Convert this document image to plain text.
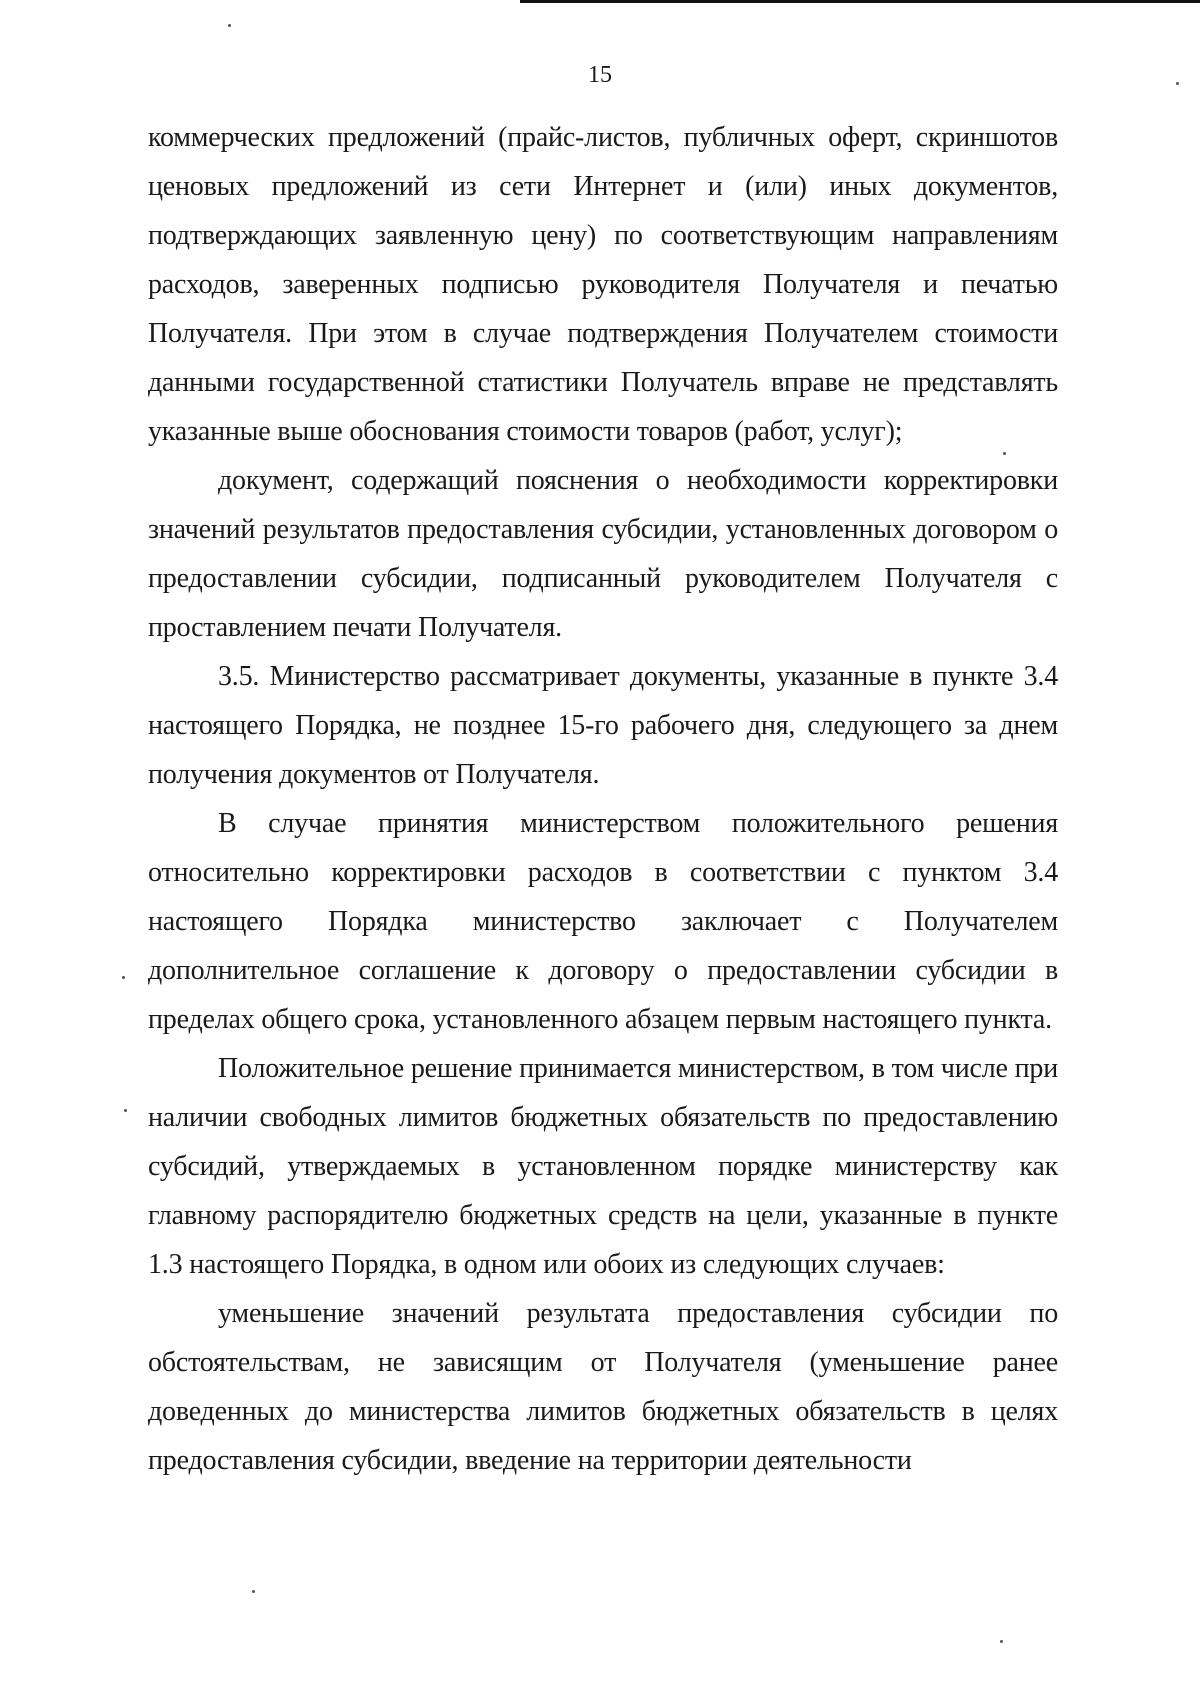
15

коммерческих предложений (прайс-листов, публичных оферт, скриншотов ценовых предложений из сети Интернет и (или) иных документов, подтверждающих заявленную цену) по соответствующим направлениям расходов, заверенных подписью руководителя Получателя и печатью Получателя. При этом в случае подтверждения Получателем стоимости данными государственной статистики Получатель вправе не представлять указанные выше обоснования стоимости товаров (работ, услуг);

документ, содержащий пояснения о необходимости корректировки значений результатов предоставления субсидии, установленных договором о предоставлении субсидии, подписанный руководителем Получателя с проставлением печати Получателя.

3.5. Министерство рассматривает документы, указанные в пункте 3.4 настоящего Порядка, не позднее 15-го рабочего дня, следующего за днем получения документов от Получателя.

В случае принятия министерством положительного решения относительно корректировки расходов в соответствии с пунктом 3.4 настоящего Порядка министерство заключает с Получателем дополнительное соглашение к договору о предоставлении субсидии в пределах общего срока, установленного абзацем первым настоящего пункта.

Положительное решение принимается министерством, в том числе при наличии свободных лимитов бюджетных обязательств по предоставлению субсидий, утверждаемых в установленном порядке министерству как главному распорядителю бюджетных средств на цели, указанные в пункте 1.3 настоящего Порядка, в одном или обоих из следующих случаев:

уменьшение значений результата предоставления субсидии по обстоятельствам, не зависящим от Получателя (уменьшение ранее доведенных до министерства лимитов бюджетных обязательств в целях предоставления субсидии, введение на территории деятельности
